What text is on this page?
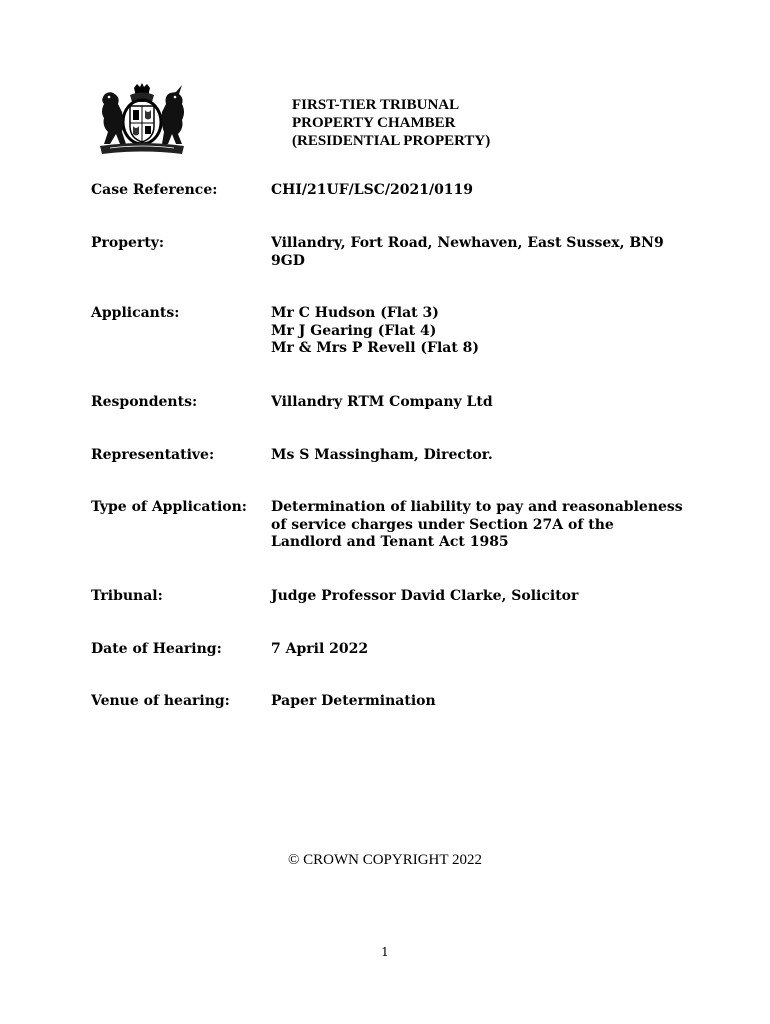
FIRST-TIER TRIBUNAL
PROPERTY CHAMBER
(RESIDENTIAL PROPERTY)
Case Reference:	CHI/21UF/LSC/2021/0119
Property:	Villandry, Fort Road, Newhaven, East Sussex, BN9
9GD
Applicants:	Mr C Hudson (Flat 3)
Mr J Gearing (Flat 4)
Mr & Mrs P Revell (Flat 8)
Respondents:	Villandry RTM Company Ltd
Representative:	Ms S Massingham, Director.
Type of Application: Determination of liability to pay and reasonableness
of service charges under Section 27A of the
Landlord and Tenant Act 1985
Tribunal:	Judge Professor David Clarke, Solicitor
Date of Hearing:	7 April 2022
Venue of hearing:	Paper Determination
© CROWN COPYRIGHT 2022
1
